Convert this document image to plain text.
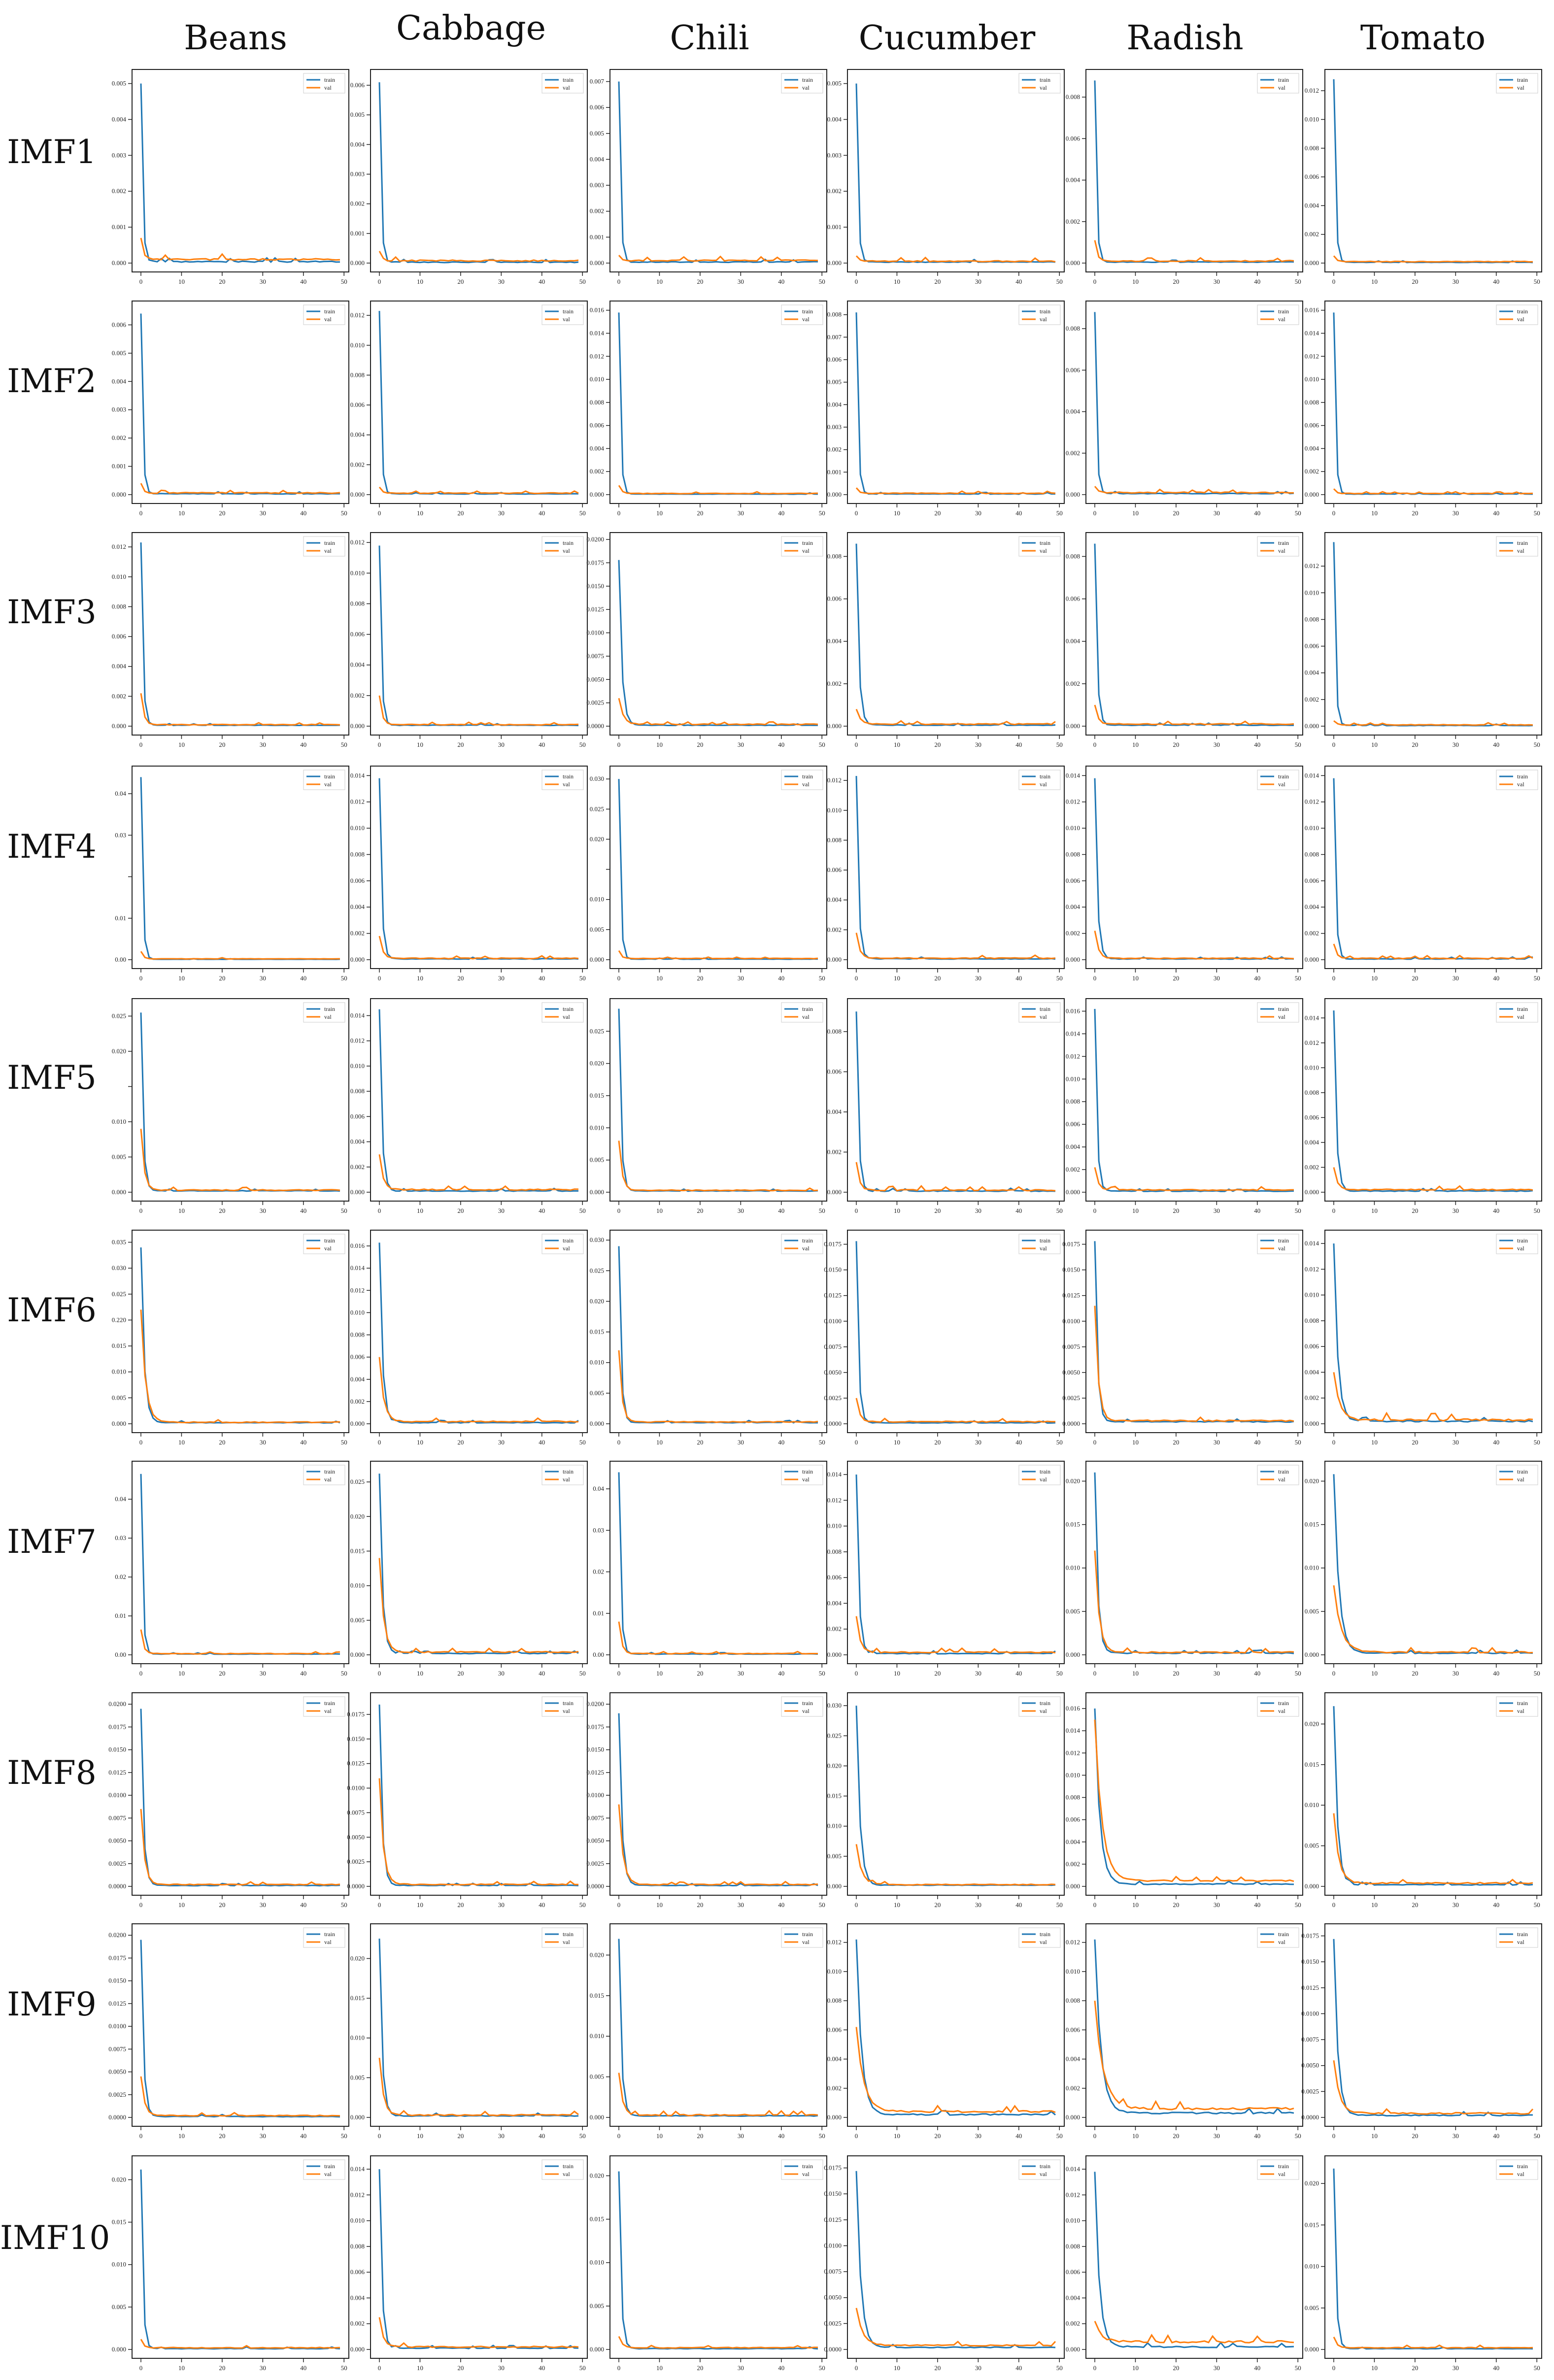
Beans	Cabbage	Chili	Cucumber	Radish	Tomato
IMF1
IMF2
IMF3
IMF4
IMF5
IMF6
IMF7
IMF8
IMF9
IMF10
0.000
0.001
0.002
0.003
0.004
0.005
0	10	20	30	40	50
train
val
0.000
0.001
0.002
0.003
0.004
0.005
0.006
0	10	20	30	40	50
train
val
0.000
0.001
0.002
0.003
0.004
0.005
0.006
0.007
0	10	20	30	40	50
train
val
0.000
0.001
0.002
0.003
0.004
0.005
0	10	20	30	40	50
train
val
0.000
0.002
0.004
0.006
0.008
0	10	20	30	40	50
train
val
0.000
0.002
0.004
0.006
0.008
0.010
0.012
0	10	20	30	40	50
train
val
0.000
0.001
0.002
0.003
0.004
0.005
0.006
0	10	20	30	40	50
train
val
0.000
0.002
0.004
0.006
0.008
0.010
0.012
0	10	20	30	40	50
train
val
0.000
0.002
0.004
0.006
0.008
0.010
0.012
0.014
0.016
0	10	20	30	40	50
train
val
0.000
0.001
0.002
0.003
0.004
0.005
0.006
0.007
0.008
0	10	20	30	40	50
train
val
0.000
0.002
0.004
0.006
0.008
0	10	20	30	40	50
train
val
0.000
0.002
0.004
0.006
0.008
0.010
0.012
0.014
0.016
0	10	20	30	40	50
train
val
0.000
0.002
0.004
0.006
0.008
0.010
0.012
0	10	20	30	40	50
train
val
0.000
0.002
0.004
0.006
0.008
0.010
0.012
0	10	20	30	40	50
train
val
0.0000
0.0025
0.0050
0.0075
0.0100
0.0125
0.0150
0.0175
0.0200
0	10	20	30	40	50
train
val
0.000
0.002
0.004
0.006
0.008
0	10	20	30	40	50
train
val
0.000
0.002
0.004
0.006
0.008
0	10	20	30	40	50
train
val
0.000
0.002
0.004
0.006
0.008
0.010
0.012
0	10	20	30	40	50
train
val
0.00
0.01
0.03
0.04
0	10	20	30	40	50
train
val
0.000
0.002
0.004
0.006
0.008
0.010
0.012
0.014
0	10	20	30	40	50
train
val
0.000
0.005
0.010
0.020
0.025
0.030
0	10	20	30	40	50
train
val
0.000
0.002
0.004
0.006
0.008
0.010
0.012
0	10	20	30	40	50
train
val
0.000
0.002
0.004
0.006
0.008
0.010
0.012
0.014
0	10	20	30	40	50
train
val
0.000
0.002
0.004
0.006
0.008
0.010
0.012
0.014
0	10	20	30	40	50
train
val
0.000
0.005
0.010
0.020
0.025
0	10	20	30	40	50
train
val
0.000
0.002
0.004
0.006
0.008
0.010
0.012
0.014
0	10	20	30	40	50
train
val
0.000
0.005
0.010
0.015
0.020
0.025
0	10	20	30	40	50
train
val
0.000
0.002
0.004
0.006
0.008
0	10	20	30	40	50
train
val
0.000
0.002
0.004
0.006
0.008
0.010
0.012
0.014
0.016
0	10	20	30	40	50
train
val
0.000
0.002
0.004
0.006
0.008
0.010
0.012
0.014
0	10	20	30	40	50
train
val
0.000
0.005
0.010
0.015
0.220
0.025
0.030
0.035
0	10	20	30	40	50
train
val
0.000
0.002
0.004
0.006
0.008
0.010
0.012
0.014
0.016
0	10	20	30	40	50
train
val
0.000
0.005
0.010
0.015
0.020
0.025
0.030
0	10	20	30	40	50
train
val
0.0000
0.0025
0.0050
0.0075
0.0100
0.0125
0.0150
0.0175
0	10	20	30	40	50
train
val
0.0000
0.0025
0.0050
0.0075
0.0100
0.0125
0.0150
0.0175
0	10	20	30	40	50
train
val
0.000
0.002
0.004
0.006
0.008
0.010
0.012
0.014
0	10	20	30	40	50
train
val
0.00
0.01
0.02
0.03
0.04
0	10	20	30	40	50
train
val
0.000
0.005
0.010
0.015
0.020
0.025
0	10	20	30	40	50
train
val
0.00
0.01
0.02
0.03
0.04
0	10	20	30	40	50
train
val
0.000
0.002
0.004
0.006
0.008
0.010
0.012
0.014
0	10	20	30	40	50
train
val
0.000
0.005
0.010
0.015
0.020
0	10	20	30	40	50
train
val
0.000
0.005
0.010
0.015
0.020
0	10	20	30	40	50
train
val
0.0000
0.0025
0.0050
0.0075
0.0100
0.0125
0.0150
0.0175
0.0200
0	10	20	30	40	50
train
val
0.0000
0.0025
0.0050
0.0075
0.0100
0.0125
0.0150
0.0175
0	10	20	30	40	50
train
val
0.0000
0.0025
0.0050
0.0075
0.0100
0.0125
0.0150
0.0175
0.0200
0	10	20	30	40	50
train
val
0.000
0.005
0.010
0.015
0.020
0.025
0.030
0	10	20	30	40	50
train
val
0.000
0.002
0.004
0.006
0.008
0.010
0.012
0.014
0.016
0	10	20	30	40	50
train
val
0.000
0.005
0.010
0.015
0.020
0	10	20	30	40	50
train
val
0.0000
0.0025
0.0050
0.0075
0.0100
0.0125
0.0150
0.0175
0.0200
0	10	20	30	40	50
train
val
0.000
0.005
0.010
0.015
0.020
0	10	20	30	40	50
train
val
0.000
0.005
0.010
0.015
0.020
0	10	20	30	40	50
train
val
0.000
0.002
0.004
0.006
0.008
0.010
0.012
0	10	20	30	40	50
train
val
0.000
0.002
0.004
0.006
0.008
0.010
0.012
0	10	20	30	40	50
train
val
0.0000
0.0025
0.0050
0.0075
0.0100
0.0125
0.0150
0.0175
0	10	20	30	40	50
train
val
0.000
0.005
0.010
0.015
0.020
0	10	20	30	40	50
train
val
0.000
0.002
0.004
0.006
0.008
0.010
0.012
0.014
0	10	20	30	40	50
train
val
0.000
0.005
0.010
0.015
0.020
0	10	20	30	40	50
train
val
0.0000
0.0025
0.0050
0.0075
0.0100
0.0125
0.0150
0.0175
0	10	20	30	40	50
train
val
0.000
0.002
0.004
0.006
0.008
0.010
0.012
0.014
0	10	20	30	40	50
train
val
0.000
0.005
0.010
0.015
0.020
0	10	20	30	40	50
train
val
